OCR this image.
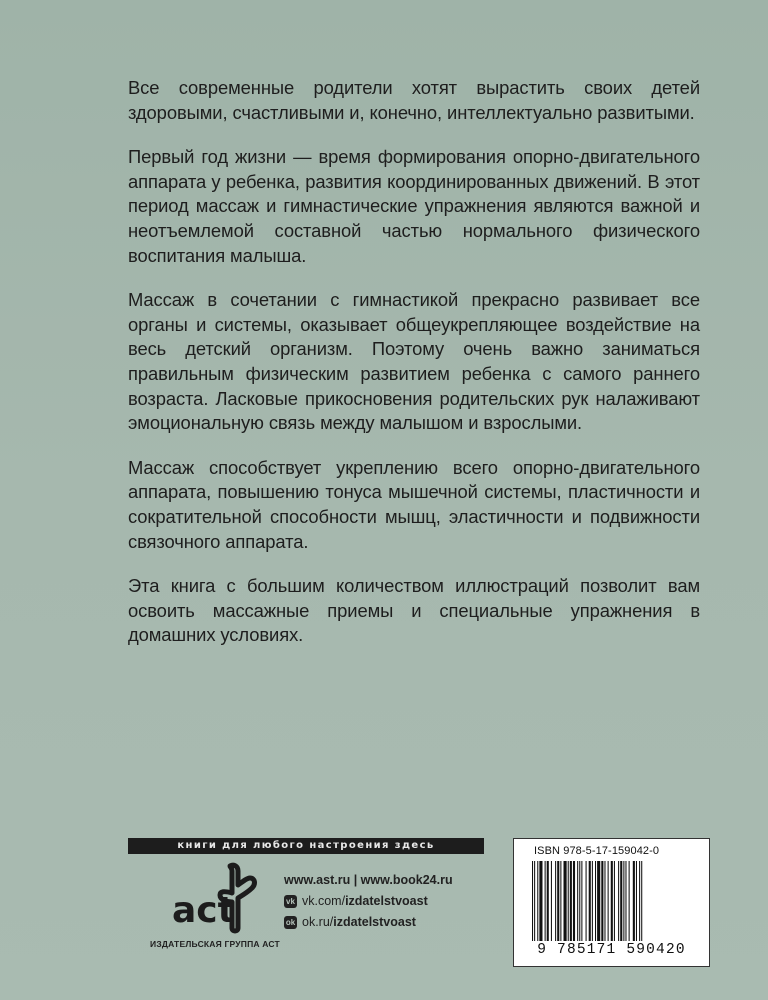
Все современные родители хотят вырастить своих детей здоровыми, счастливыми и, конечно, интеллектуально развитыми.

Первый год жизни — время формирования опорно-двигательного аппарата у ребенка, развития координированных движений. В этот период массаж и гимнастические упражнения являются важной и неотъемлемой составной частью нормального физического воспитания малыша.

Массаж в сочетании с гимнастикой прекрасно развивает все органы и системы, оказывает общеукрепляющее воздействие на весь детский организм. Поэтому очень важно заниматься правильным физическим развитием ребенка с самого раннего возраста. Ласковые прикосновения родительских рук налаживают эмоциональную связь между малышом и взрослыми.

Массаж способствует укреплению всего опорно-двигательного аппарата, повышению тонуса мышечной системы, пластичности и сократительной способности мышц, эластичности и подвижности связочного аппарата.

Эта книга с большим количеством иллюстраций позволит вам освоить массажные приемы и специальные упражнения в домашних условиях.

книги для любого настроения здесь
act
ИЗДАТЕЛЬСКАЯ ГРУППА АСТ
www.ast.ru | www.book24.ru
vk vk.com/ izdatelstvoast
ok ok.ru/ izdatelstvoast
ISBN 978-5-17-159042-0
9 785171 590420
